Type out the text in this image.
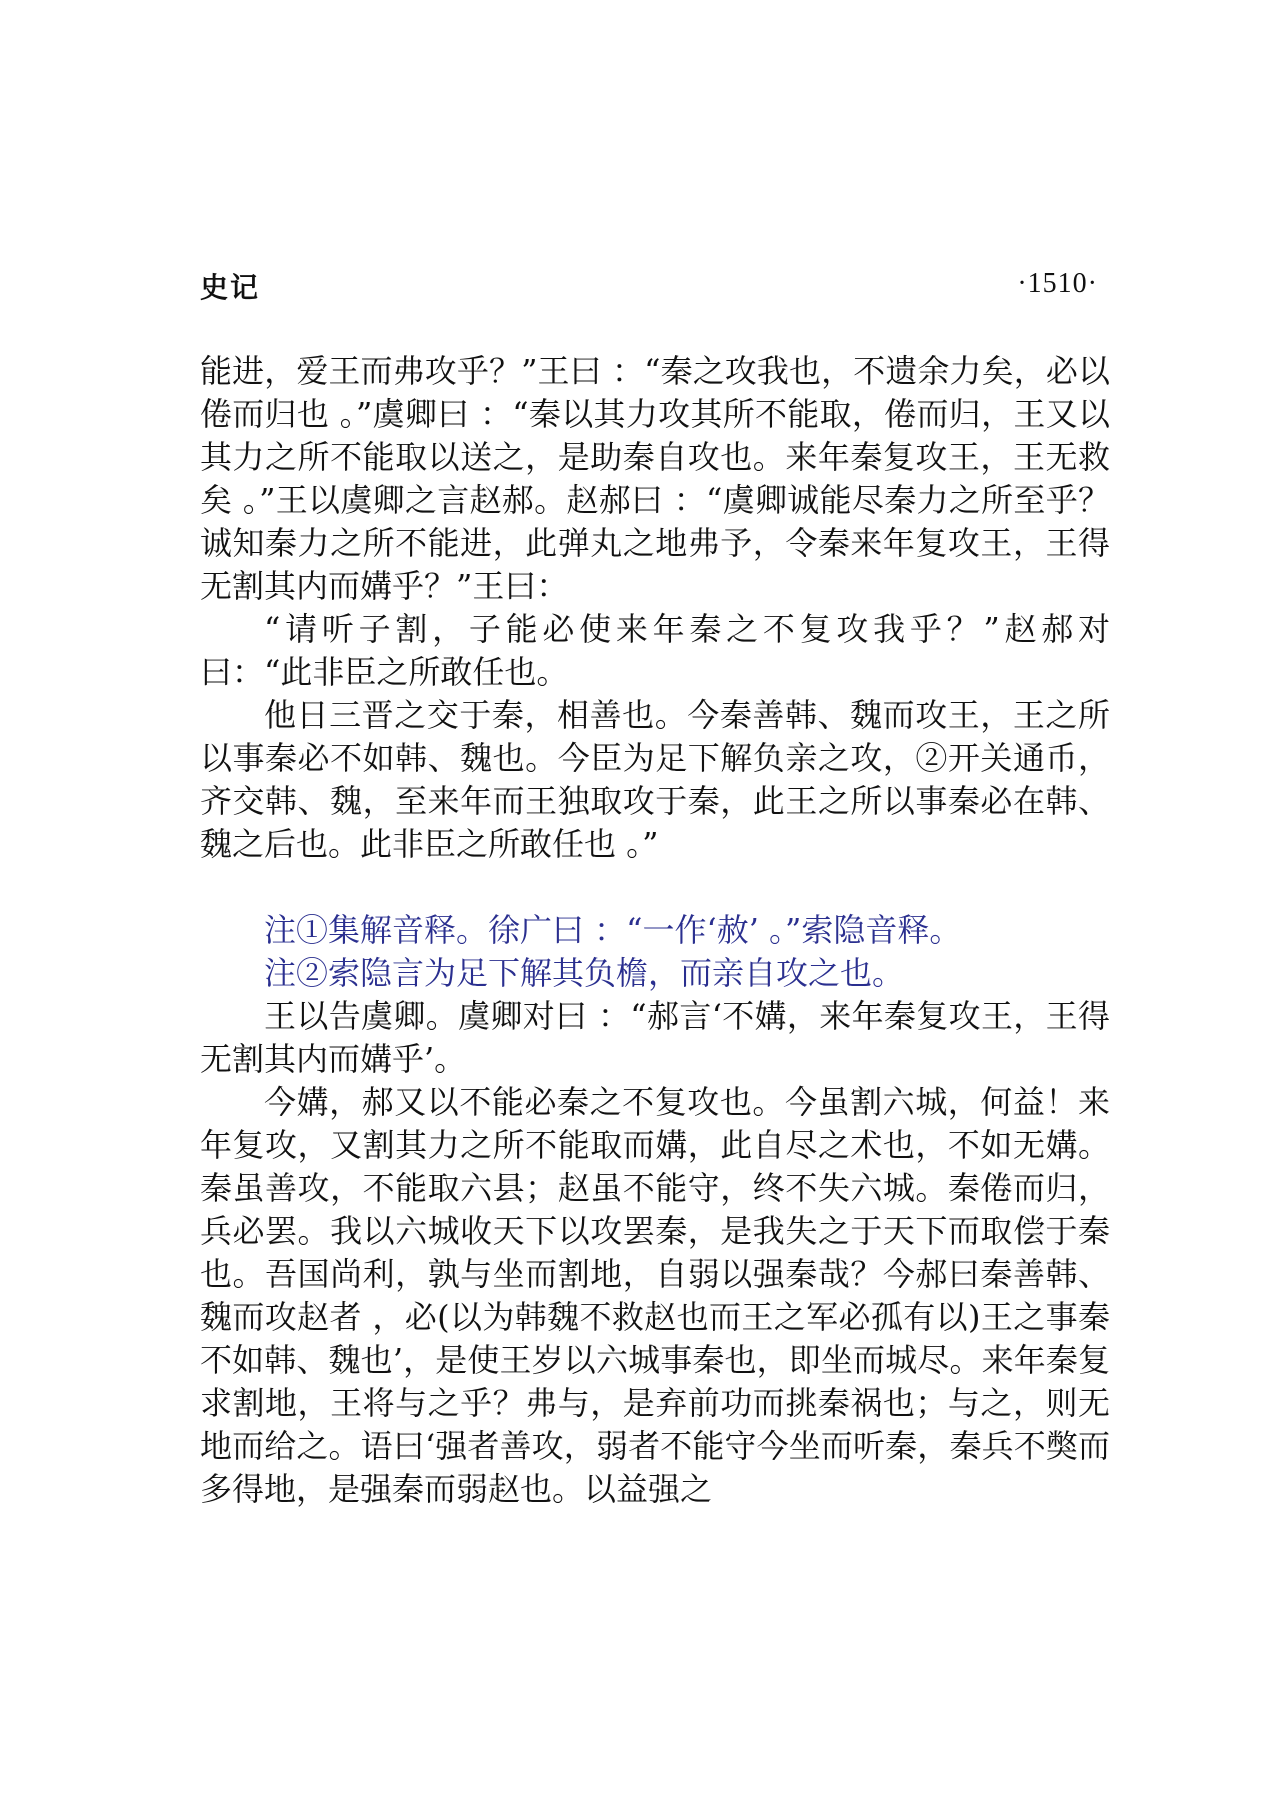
史记	·1510·

能进，爱王而弗攻乎？”王曰 ：“秦之攻我也，不遗余力矣，必以倦而归也 。”虞卿曰 ：“秦以其力攻其所不能取，倦而归，王又以其力之所不能取以送之，是助秦自攻也。来年秦复攻王，王无救矣 。”王以虞卿之言赵郝。赵郝曰 ：“虞卿诚能尽秦力之所至乎？诚知秦力之所不能进，此弹丸之地弗予，令秦来年复攻王，王得无割其内而媾乎？”王曰：

“请听子割，子能必使来年秦之不复攻我乎？”赵郝对曰：“此非臣之所敢任也。

他日三晋之交于秦，相善也。今秦善韩、魏而攻王，王之所以事秦必不如韩、魏也。今臣为足下解负亲之攻，②开关通币，齐交韩、魏，至来年而王独取攻于秦，此王之所以事秦必在韩、魏之后也。此非臣之所敢任也 。”

注①集解音释。徐广曰 ：“一作‘赦’ 。”索隐音释。

注②索隐言为足下解其负檐，而亲自攻之也。

王以告虞卿。虞卿对曰 ：“郝言‘不媾，来年秦复攻王，王得无割其内而媾乎’。

今媾，郝又以不能必秦之不复攻也。今虽割六城，何益！来年复攻，又割其力之所不能取而媾，此自尽之术也，不如无媾。秦虽善攻，不能取六县；赵虽不能守，终不失六城。秦倦而归，兵必罢。我以六城收天下以攻罢秦，是我失之于天下而取偿于秦也。吾国尚利，孰与坐而割地，自弱以强秦哉？今郝曰秦善韩、魏而攻赵者 ，必(以为韩魏不救赵也而王之军必孤有以)王之事秦不如韩、魏也’，是使王岁以六城事秦也，即坐而城尽。来年秦复求割地，王将与之乎？弗与，是弃前功而挑秦祸也；与之，则无地而给之。语曰‘强者善攻，弱者不能守今坐而听秦，秦兵不獘而多得地，是强秦而弱赵也。以益强之
